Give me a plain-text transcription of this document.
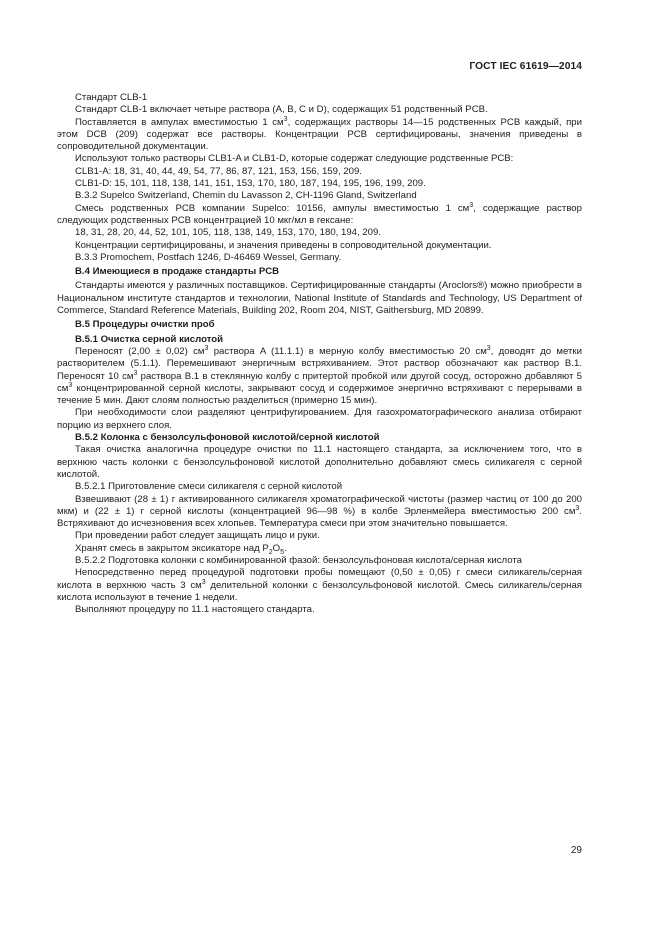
ГОСТ IEC 61619—2014

Стандарт CLB-1

Стандарт CLB-1 включает четыре раствора (A, B, C и D), содержащих 51 родственный PCB.

Поставляется в ампулах вместимостью 1 $см^3$, содержащих растворы 14—15 родственных PCB каждый, при этом DCB (209) содержат все растворы. Концентрации PCB сертифицированы, значения приведены в сопроводительной документации.

Используют только растворы CLB1-A и CLB1-D, которые содержат следующие родственные PCB:

CLB1-A: 18, 31, 40, 44, 49, 54, 77, 86, 87, 121, 153, 156, 159, 209.

CLB1-D: 15, 101, 118, 138, 141, 151, 153, 170, 180, 187, 194, 195, 196, 199, 209.

B.3.2 Supelco Switzerland, Chemin du Lavasson 2, CH-1196 Gland, Switzerland

Смесь родственных PCB компании Supelco: 10156, ампулы вместимостью 1 $см^3$, содержащие раствор следующих родственных PCB концентрацией 10 мкг/мл в гексане:

18, 31, 28, 20, 44, 52, 101, 105, 118, 138, 149, 153, 170, 180, 194, 209.

Концентрации сертифицированы, и значения приведены в сопроводительной документации.

B.3.3 Promochem, Postfach 1246, D-46469 Wessel, Germany.

B.4 Имеющиеся в продаже стандарты PCB

Стандарты имеются у различных поставщиков. Сертифицированные стандарты (Aroclors®) можно приобрести в Национальном институте стандартов и технологии, National Institute of Standards and Technology, US Department of Commerce, Standard Reference Materials, Building 202, Room 204, NIST, Gaithersburg, MD 20899.

B.5 Процедуры очистки проб

B.5.1 Очистка серной кислотой

Переносят (2,00 ± 0,02) $см^3$ раствора A (11.1.1) в мерную колбу вместимостью 20 $см^3$, доводят до метки растворителем (5.1.1). Перемешивают энергичным встряхиванием. Этот раствор обозначают как раствор B.1. Переносят 10 $см^3$ раствора B.1 в стеклянную колбу с притертой пробкой или другой сосуд, осторожно добавляют 5 $см^3$ концентрированной серной кислоты, закрывают сосуд и содержимое энергично встряхивают с перерывами в течение 5 мин. Дают слоям полностью разделиться (примерно 15 мин).

При необходимости слои разделяют центрифугированием. Для газохроматографического анализа отбирают порцию из верхнего слоя.

B.5.2 Колонка с бензолсульфоновой кислотой/серной кислотой

Такая очистка аналогична процедуре очистки по 11.1 настоящего стандарта, за исключением того, что в верхнюю часть колонки с бензолсульфоновой кислотой дополнительно добавляют смесь силикагеля с серной кислотой.

B.5.2.1 Приготовление смеси силикагеля с серной кислотой

Взвешивают (28 ± 1) г активированного силикагеля хроматографической чистоты (размер частиц от 100 до 200 мкм) и (22 ± 1) г серной кислоты (концентрацией 96—98 %) в колбе Эрленмейера вместимостью 200 $см^3$. Встряхивают до исчезновения всех хлопьев. Температура смеси при этом значительно повышается.

При проведении работ следует защищать лицо и руки.

Хранят смесь в закрытом эксикаторе над $P_2O_5$.

B.5.2.2 Подготовка колонки с комбинированной фазой: бензолсульфоновая кислота/серная кислота

Непосредственно перед процедурой подготовки пробы помещают (0,50 ± 0,05) г смеси силикагель/серная кислота в верхнюю часть 3 $см^3$ делительной колонки с бензолсульфоновой кислотой. Смесь силикагель/серная кислота используют в течение 1 недели.

Выполняют процедуру по 11.1 настоящего стандарта.

29
